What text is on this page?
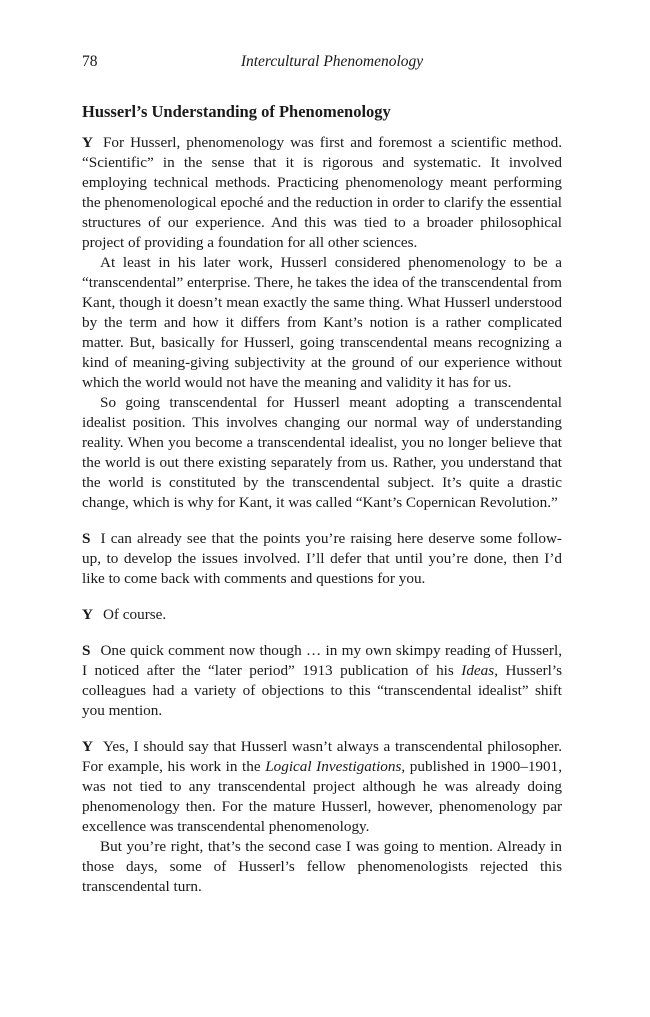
78	Intercultural Phenomenology
Husserl’s Understanding of Phenomenology

Y For Husserl, phenomenology was first and foremost a scientific method. “Scientific” in the sense that it is rigorous and systematic. It involved employing technical methods. Practicing phenomenology meant performing the phenomenological epoché and the reduction in order to clarify the essential structures of our experience. And this was tied to a broader philosophical project of providing a foundation for all other sciences.

At least in his later work, Husserl considered phenomenology to be a “transcendental” enterprise. There, he takes the idea of the transcendental from Kant, though it doesn’t mean exactly the same thing. What Husserl understood by the term and how it differs from Kant’s notion is a rather complicated matter. But, basically for Husserl, going transcendental means recognizing a kind of meaning-giving subjectivity at the ground of our experience without which the world would not have the meaning and validity it has for us.

So going transcendental for Husserl meant adopting a transcendental idealist position. This involves changing our normal way of understanding reality. When you become a transcendental idealist, you no longer believe that the world is out there existing separately from us. Rather, you understand that the world is constituted by the transcendental subject. It’s quite a drastic change, which is why for Kant, it was called “Kant’s Copernican Revolution.”

S I can already see that the points you’re raising here deserve some follow-up, to develop the issues involved. I’ll defer that until you’re done, then I’d like to come back with comments and questions for you.

Y Of course.

S One quick comment now though … in my own skimpy reading of Husserl, I noticed after the “later period” 1913 publication of his Ideas, Husserl’s colleagues had a variety of objections to this “transcendental idealist” shift you mention.

Y Yes, I should say that Husserl wasn’t always a transcendental philosopher. For example, his work in the Logical Investigations, published in 1900–1901, was not tied to any transcendental project although he was already doing phenomenology then. For the mature Husserl, however, phenomenology par excellence was transcendental phenomenology.

But you’re right, that’s the second case I was going to mention. Already in those days, some of Husserl’s fellow phenomenologists rejected this transcendental turn.
